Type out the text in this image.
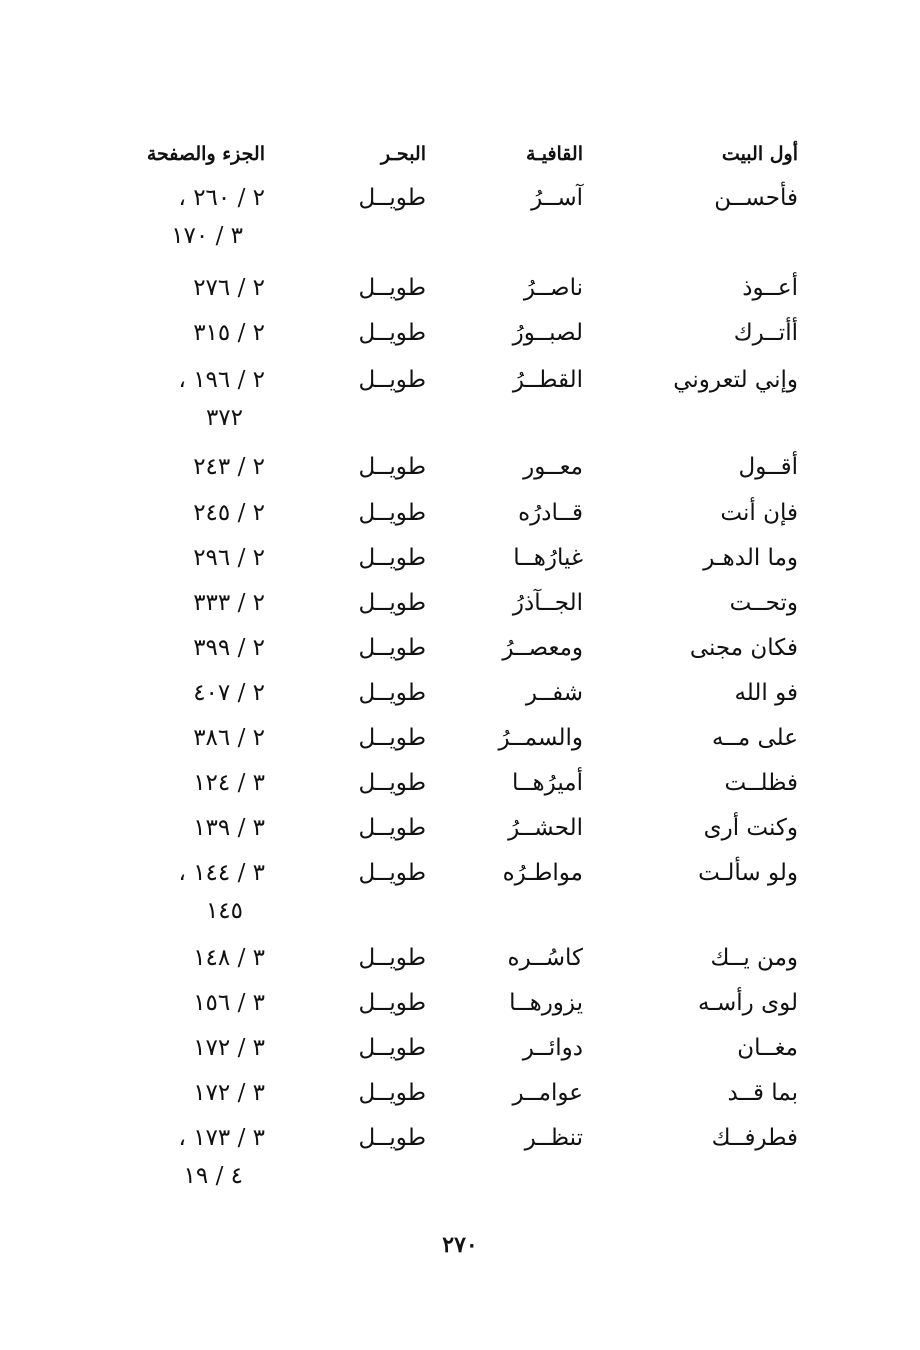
أول البيت
القافيـة
البحـر
الجزء والصفحة
فأحســن
آســرُ
طويــل
٢ / ٢٦٠ ،
٣ / ١٧٠
أعــوذ
ناصــرُ
طويــل
٢ / ٢٧٦
أأتــرك
لصبــورُ
طويــل
٢ / ٣١٥
وإني لتعروني
القطــرُ
طويــل
٢ / ١٩٦ ،
٣٧٢
أقــول
معــور
طويــل
٢ / ٢٤٣
فإن أنت
قــادرُه
طويــل
٢ / ٢٤٥
وما الدهـر
غيارُهــا
طويــل
٢ / ٢٩٦
وتحــت
الجــآذرُ
طويــل
٢ / ٣٣٣
فكان مجنى
ومعصــرُ
طويــل
٢ / ٣٩٩
فو الله
شفــر
طويــل
٢ / ٤٠٧
على مــه
والسمــرُ
طويــل
٢ / ٣٨٦
فظلــت
أميرُهــا
طويــل
٣ / ١٢٤
وكنت أرى
الحشــرُ
طويــل
٣ / ١٣٩
ولو سألـت
مواطـرُه
طويــل
٣ / ١٤٤ ،
١٤٥
ومن يــك
كاسُــره
طويــل
٣ / ١٤٨
لوى رأسـه
يزورهــا
طويــل
٣ / ١٥٦
مغــان
دوائــر
طويــل
٣ / ١٧٢
بما قــد
عوامــر
طويــل
٣ / ١٧٢
فطرفــك
تنظــر
طويــل
٣ / ١٧٣ ،
٤ / ١٩
٢٧٠
